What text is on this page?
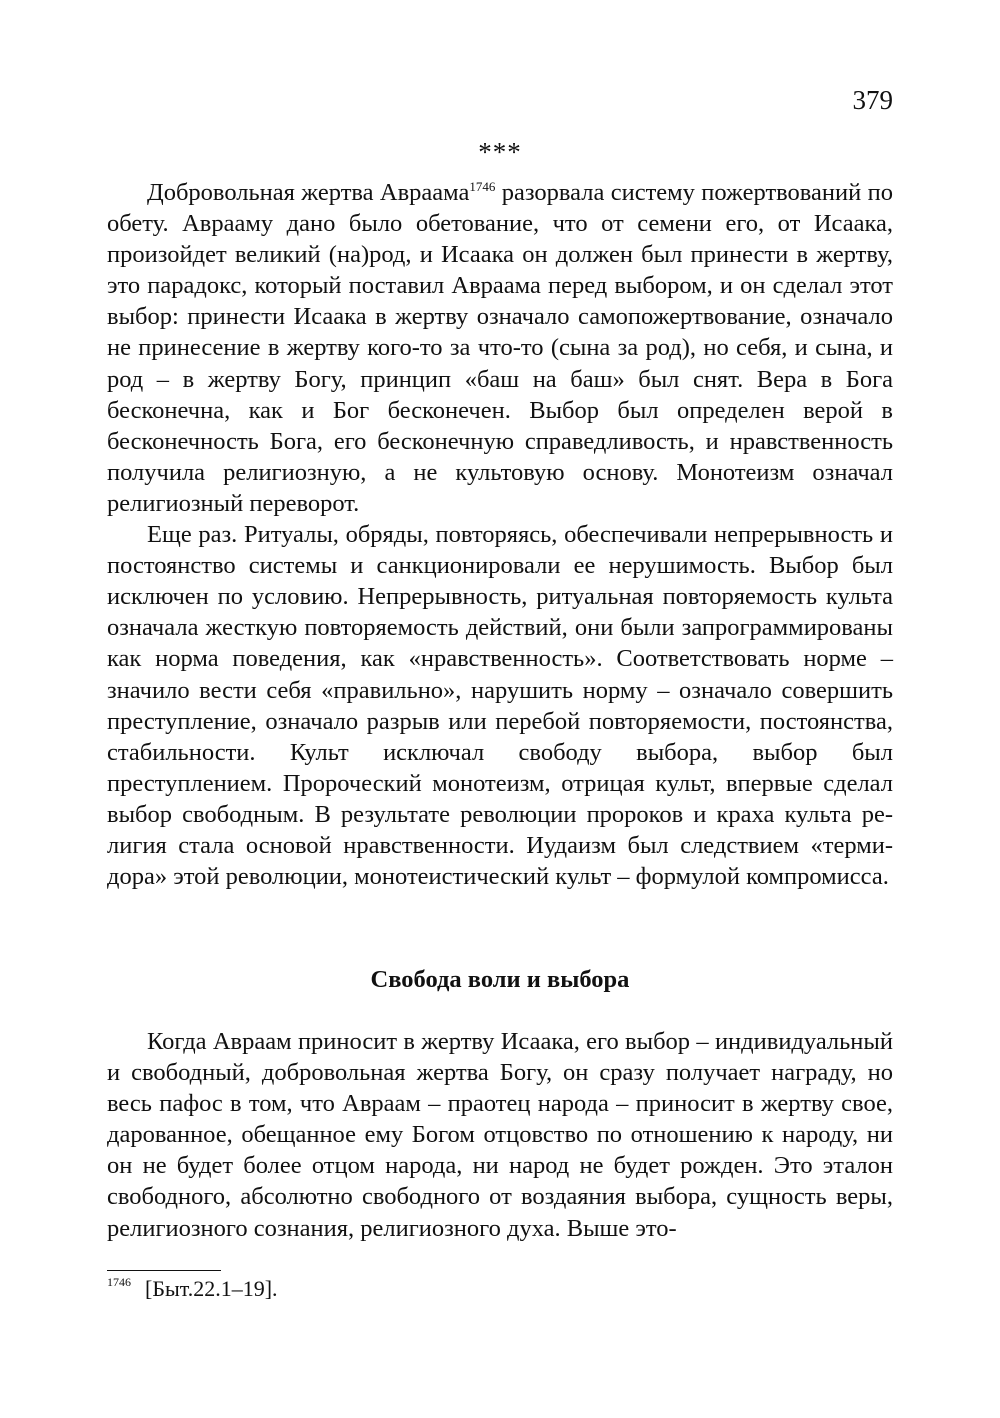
379
***

Добровольная жертва Авраама$^{1746}$ разорвала систему пожертвований по обету. Аврааму дано было обетование, что от семени его, от Исаака, произойдет великий (на)род, и Исаака он должен был принести в жертву, это парадокс, который поставил Авраама перед выбором, и он сделал этот выбор: принести Исаака в жертву означало самопожертвование, означало не принесение в жертву кого-то за что-то (сына за род), но себя, и сына, и род – в жертву Богу, принцип «баш на баш» был снят. Вера в Бога бесконечна, как и Бог бесконечен. Выбор был определен верой в бесконечность Бога, его бесконечную справедливость, и нравственность получила религиозную, а не культовую основу. Монотеизм означал религиозный переворот.

Еще раз. Ритуалы, обряды, повторяясь, обеспечивали непрерывность и постоянство системы и санкционировали ее нерушимость. Выбор был исключен по условию. Непрерывность, ритуальная повторяемость культа означала жесткую повторяемость действий, они были запрограммированы как норма поведения, как «нравственность». Соответствовать норме – значило вести себя «правильно», нарушить норму – означало совершить преступление, означало разрыв или перебой повторяемости, постоянства, стабильности. Культ исключал свободу выбора, выбор был преступлением. Пророческий монотеизм, отрицая культ, впервые сделал выбор свободным. В результате революции пророков и краха культа религия стала основой нравственности. Иудаизм был следствием «термидора» этой революции, монотеистический культ – формулой компромисса.

Свобода воли и выбора

Когда Авраам приносит в жертву Исаака, его выбор – индивидуальный и свободный, добровольная жертва Богу, он сразу получает награду, но весь пафос в том, что Авраам – праотец народа – приносит в жертву свое, дарованное, обещанное ему Богом отцовство по отношению к народу, ни он не будет более отцом народа, ни народ не будет рожден. Это эталон свободного, абсолютно свободного от воздаяния выбора, сущность веры, религиозного сознания, религиозного духа. Выше это-

$^{1746}$ [Быт.22.1–19].
